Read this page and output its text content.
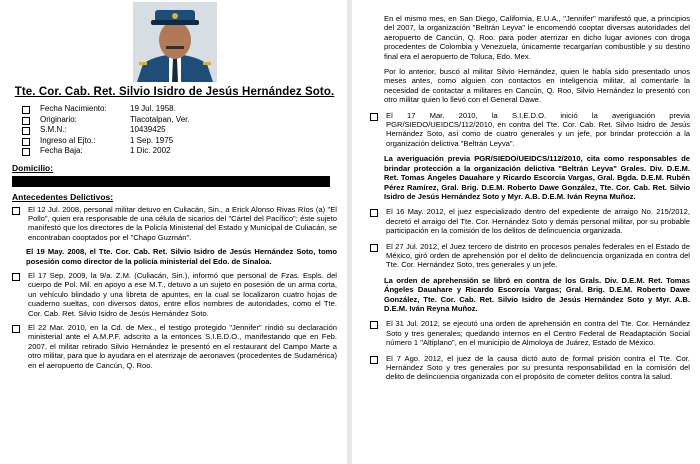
Tte. Cor. Cab. Ret. Silvio Isidro de Jesús Hernández Soto.
Fecha Nacimiento:	19 Jul. 1958.
Originario:	Tlacotalpan, Ver.
S.M.N.:	10439425
Ingreso al Ejto.:	1 Sep. 1975
Fecha Baja:	1 Dic. 2002
Domicilio:
Antecedentes Delictivos:
El 12 Jul. 2008, personal militar detuvo en Culiacán, Sin., a Erick Alonso Rivas Ríos (a) "El Pollo", quien era responsable de una célula de sicarios del "Cártel del Pacífico"; éste sujeto manifestó que los directores de la Policía Ministerial del Estado y Municipal de Culiacán, se encontraban cooptados por el "Chapo Guzmán".
El 19 May. 2008, el Tte. Cor. Cab. Ret. Silvio Isidro de Jesús Hernández Soto, tomo posesión como director de la policía ministerial del Edo. de Sinaloa.
El 17 Sep. 2009, la 9/a. Z.M. (Culiacán, Sin.), informó que personal de Fzas. Espls. del cuerpo de Pol. Mil. en apoyo a ese M.T., detuvo a un sujeto en posesión de un arma corta, un vehículo blindado y una libreta de apuntes, en la cual se localizaron cuatro hojas de cuaderno sueltas, con diversos datos, entre ellos nombres de autoridades, como el Tte. Cor. Cab. Ret. Silvio Isidro de Jesús Hernández Soto.
El 22 Mar. 2010, en la Cd. de Mex., el testigo protegido "Jennifer" rindió su declaración ministerial ante el A.M.P.F. adscrito a la entonces S.I.E.D.O., manifestando que en Feb. 2007, el militar retirado Silvio Hernández le presentó en el restaurant del Campo Marte a otro militar, para que lo ayudara en el aterrizaje de aeronaves (procedentes de Sudamérica) en el aeropuerto de Cancún, Q. Roo.
En el mismo mes, en San Diego, California, E.U.A., "Jennifer" manifestó que, a principios del 2007, la organización "Beltrán Leyva" le encomendó cooptar diversas autoridades del aeropuerto de Cancún, Q. Roo. para poder aterrizar en dicho lugar aviones con droga procedentes de Colombia y Venezuela, únicamente recargarían combustible y su destino final era el aeropuerto de Toluca, Edo. Mex.
Por lo anterior, buscó al militar Silvio Hernández, quien le había sido presentado unos meses antes, como alguien con contactos en inteligencia militar, al comentarle la necesidad de contactar a militares en Cancún, Q. Roo, Silvio Hernández lo presentó con otro militar quien lo llevó con el General Dawe.
El 17 Mar. 2010, la S.I.E.D.O. inició la averiguación previa PGR/SIEDO/UEIDCS/112/2010, en contra del Tte. Cor. Cab. Ret. Silvio Isidro de Jesús Hernández Soto, así como de cuatro generales y un jefe, por brindar protección a la organización delictiva "Beltrán Leyva".
La averiguación previa PGR/SIEDO/UEIDCS/112/2010, cita como responsables de brindar protección a la organización delictiva "Beltrán Leyva" Grales. Div. D.E.M. Ret. Tomas Ángeles Dauahare y Ricardo Escorcia Vargas, Gral. Bgda. D.E.M. Rubén Pérez Ramírez, Gral. Brig. D.E.M. Roberto Dawe González, Tte. Cor. Cab. Ret. Silvio Isidro de Jesús Hernández Soto y Myr. A.B. D.E.M. Iván Reyna Muñoz.
El 16 May. 2012, el juez especializado dentro del expediente de arraigo No. 215/2012, decretó el arraigo del Tte. Cor. Hernández Soto y demás personal militar, por su probable participación en la comisión de los delitos de delincuencia organizada.
El 27 Jul. 2012, el Juez tercero de distrito en procesos penales federales en el Estado de México, giró orden de aprehensión por el delito de delincuencia organizada en contra del Tte. Cor. Hernández Soto, tres generales y un jefe.
La orden de aprehensión se libró en contra de los Grals. Div. D.E.M. Ret. Tomas Ángeles Dauahare y Ricardo Escorcia Vargas; Gral. Brig. D.E.M. Roberto Dawe González, Tte. Cor. Cab. Ret. Silvio Isidro de Jesús Hernández Soto y Myr. A.B. D.E.M. Iván Reyna Muñoz.
El 31 Jul. 2012, se ejecutó una orden de aprehensión en contra del Tte. Cor. Hernández Soto y tres generales; quedando internos en el Centro Federal de Readaptación Social número 1 "Altiplano", en el municipio de Almoloya de Juárez, Estado de México.
El 7 Ago. 2012, el juez de la causa dictó auto de formal prisión contra el Tte. Cor. Hernández Soto y tres generales por su presunta responsabilidad en la comisión del delito de delincuencia organizada con el propósito de cometer delitos contra la salud.
